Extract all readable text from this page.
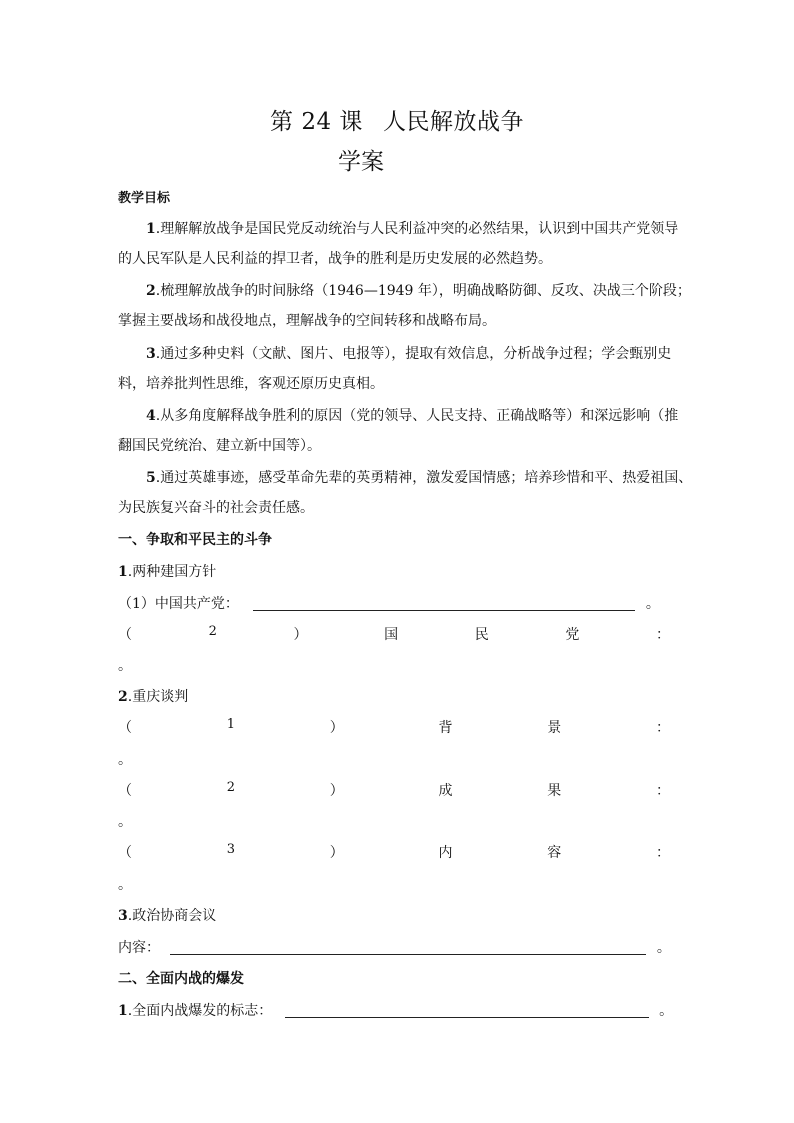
第 24 课 人民解放战争
学案
教学目标
1.理解解放战争是国民党反动统治与人民利益冲突的必然结果，认识到中国共产党领导
的人民军队是人民利益的捍卫者，战争的胜利是历史发展的必然趋势。
2.梳理解放战争的时间脉络（1946—1949 年），明确战略防御、反攻、决战三个阶段；
掌握主要战场和战役地点，理解战争的空间转移和战略布局。
3.通过多种史料（文献、图片、电报等），提取有效信息，分析战争过程；学会甄别史
料，培养批判性思维，客观还原历史真相。
4.从多角度解释战争胜利的原因（党的领导、人民支持、正确战略等）和深远影响（推
翻国民党统治、建立新中国等）。
5.通过英雄事迹，感受革命先辈的英勇精神，激发爱国情感；培养珍惜和平、热爱祖国、
为民族复兴奋斗的社会责任感。
一、争取和平民主的斗争
1.两种建国方针
（1）中国共产党：	。
（	2	）	国	民	党	：
。
2.重庆谈判
（	1	）	背	景	：
。
（	2	）	成	果	：
。
（	3	）	内	容	：
。
3.政治协商会议
内容：	。
二、全面内战的爆发
1.全面内战爆发的标志：	。
